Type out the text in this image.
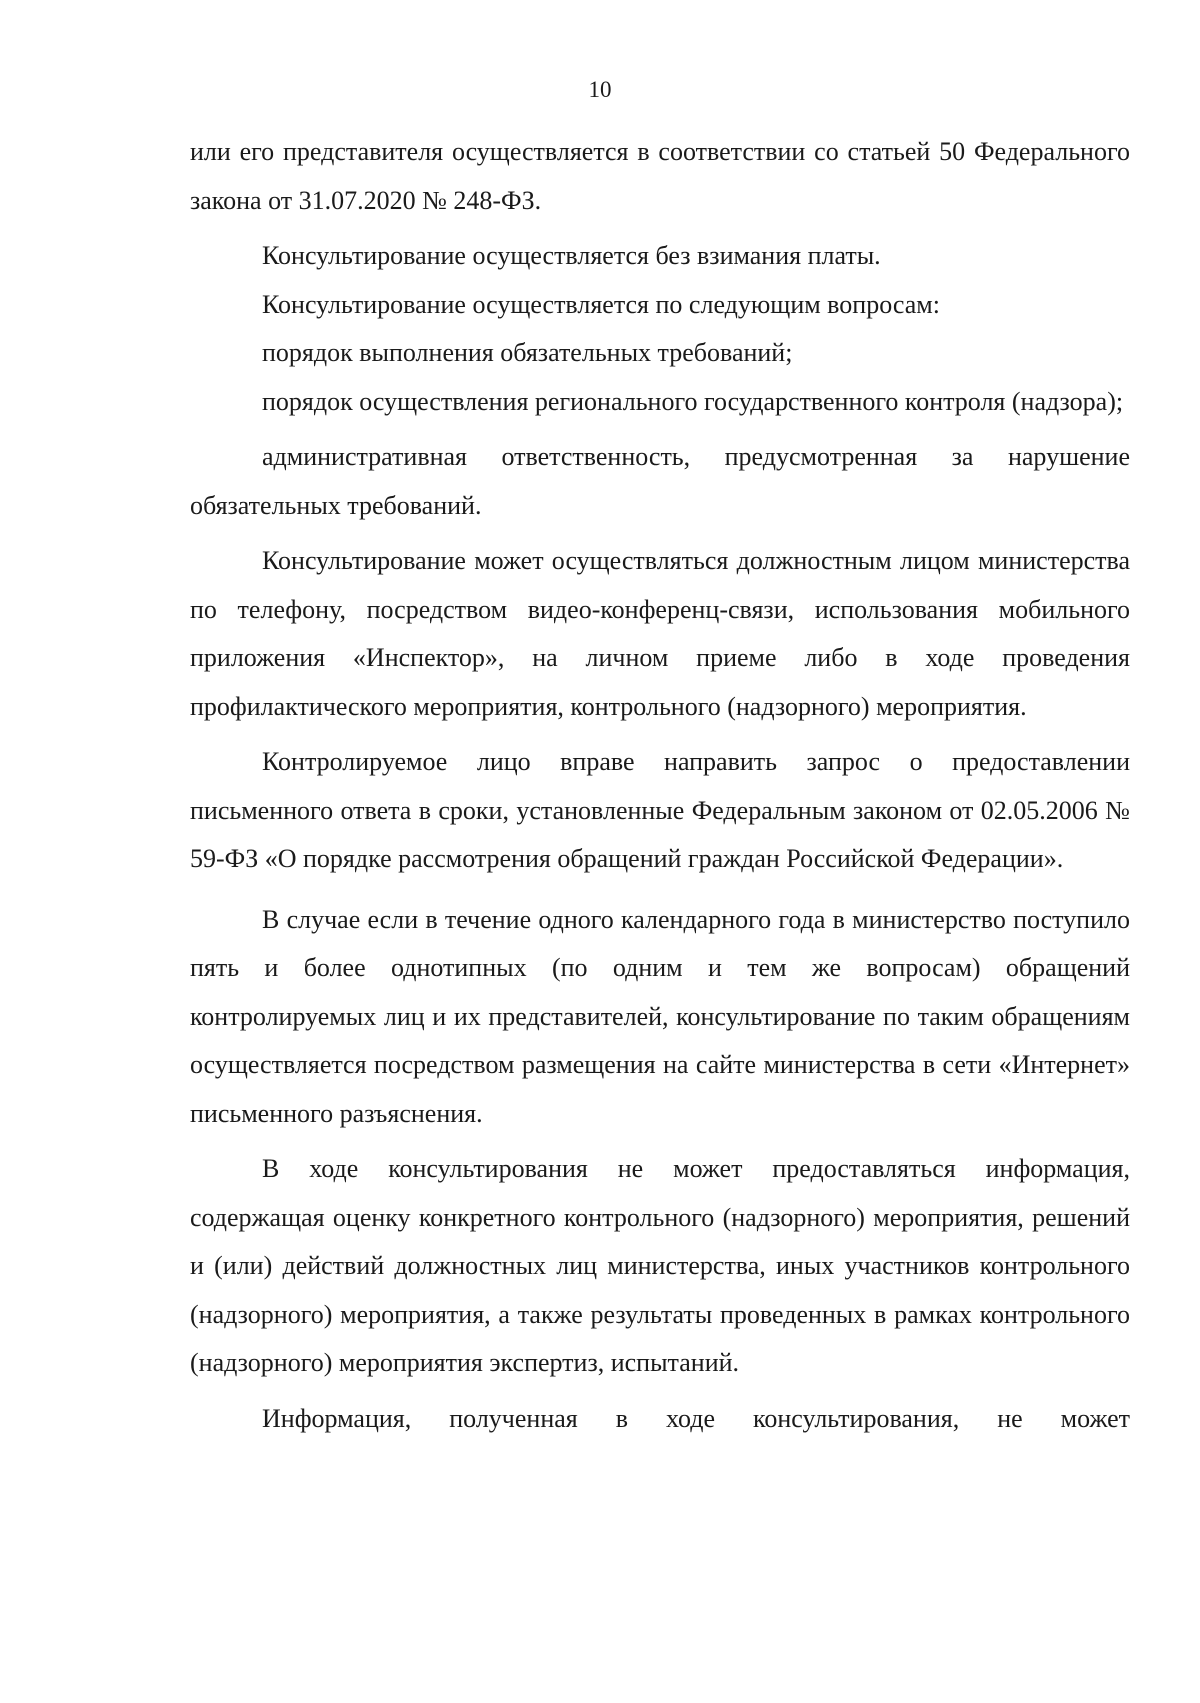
10

или его представителя осуществляется в соответствии со статьей 50 Федерального закона от 31.07.2020 № 248-ФЗ.

Консультирование осуществляется без взимания платы.

Консультирование осуществляется по следующим вопросам:

порядок выполнения обязательных требований;

порядок осуществления регионального государственного контроля (надзора);

административная ответственность, предусмотренная за нарушение обязательных требований.

Консультирование может осуществляться должностным лицом министерства по телефону, посредством видео-конференц-связи, использования мобильного приложения «Инспектор», на личном приеме либо в ходе проведения профилактического мероприятия, контрольного (надзорного) мероприятия.

Контролируемое лицо вправе направить запрос о предоставлении письменного ответа в сроки, установленные Федеральным законом от 02.05.2006 № 59-ФЗ «О порядке рассмотрения обращений граждан Российской Федерации».

В случае если в течение одного календарного года в министерство поступило пять и более однотипных (по одним и тем же вопросам) обращений контролируемых лиц и их представителей, консультирование по таким обращениям осуществляется посредством размещения на сайте министерства в сети «Интернет» письменного разъяснения.

В ходе консультирования не может предоставляться информация, содержащая оценку конкретного контрольного (надзорного) мероприятия, решений и (или) действий должностных лиц министерства, иных участников контрольного (надзорного) мероприятия, а также результаты проведенных в рамках контрольного (надзорного) мероприятия экспертиз, испытаний.

Информация, полученная в ходе консультирования, не может
